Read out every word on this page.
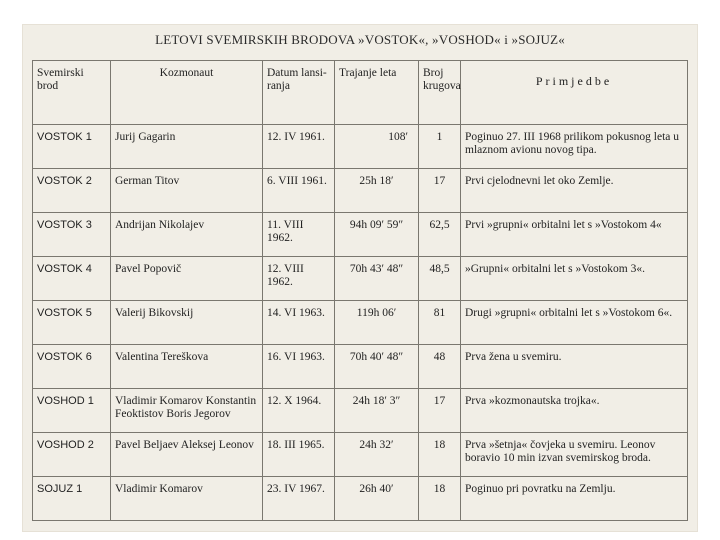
LETOVI SVEMIRSKIH BRODOVA »VOSTOK«, »VOSHOD« i »SOJUZ«
Svemirski brod	Kozmonaut	Datum lansi- ranja	Trajanje leta	Broj krugova	Primjedbe
VOSTOK 1	Jurij Gagarin	12. IV 1961.	108′	1	Poginuo 27. III 1968 prilikom pokusnog leta u mlaznom avionu novog tipa.
VOSTOK 2	German Titov	6. VIII 1961.	25h 18′	17	Prvi cjelodnevni let oko Zemlje.
VOSTOK 3	Andrijan Nikolajev	11. VIII 1962.	94h 09′ 59″	62,5	Prvi »grupni« orbitalni let s »Vostokom 4«
VOSTOK 4	Pavel Popovič	12. VIII 1962.	70h 43′ 48″	48,5	»Grupni« orbitalni let s »Vostokom 3«.
VOSTOK 5	Valerij Bikovskij	14. VI 1963.	119h 06′	81	Drugi »grupni« orbitalni let s »Vostokom 6«.
VOSTOK 6	Valentina Tereškova	16. VI 1963.	70h 40′ 48″	48	Prva žena u svemiru.
VOSHOD 1	Vladimir Komarov Konstantin Feoktistov Boris Jegorov	12. X 1964.	24h 18′ 3″	17	Prva »kozmonautska trojka«.
VOSHOD 2	Pavel Beljaev Aleksej Leonov	18. III 1965.	24h 32′	18	Prva »šetnja« čovjeka u svemiru. Leonov boravio 10 min izvan svemirskog broda.
SOJUZ 1	Vladimir Komarov	23. IV 1967.	26h 40′	18	Poginuo pri povratku na Zemlju.
